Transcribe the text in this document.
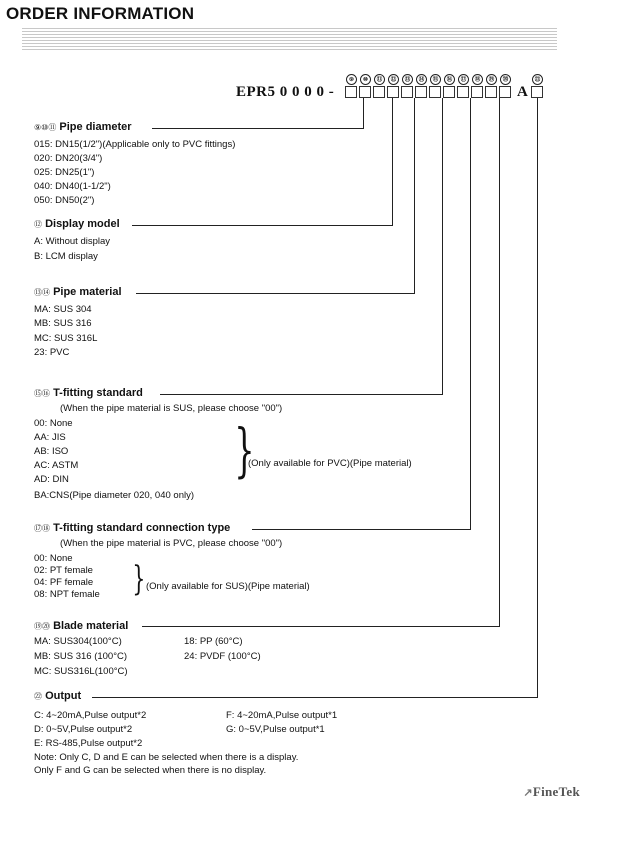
ORDER INFORMATION
EPR5 0 0 0 0 -	A
⑨	⑩	⑪	⑫	⑬	⑭	⑮	⑯	⑰	⑱	⑲	⑳	㉒
⑨⑩⑪ Pipe diameter
015: DN15(1/2")(Applicable only to PVC fittings)
020: DN20(3/4")
025: DN25(1")
040: DN40(1-1/2")
050: DN50(2")
⑫ Display model
A: Without display
B: LCM display
⑬⑭ Pipe material
MA: SUS 304
MB: SUS 316
MC: SUS 316L
23: PVC
⑮⑯ T-fitting standard
(When the pipe material is SUS, please choose "00")
00: None
AA: JIS
AB: ISO
AC: ASTM
AD: DIN
BA:CNS(Pipe diameter 020, 040 only)
}
(Only available for PVC)(Pipe material)
⑰⑱ T-fitting standard connection type
(When the pipe material is PVC, please choose "00")
00: None
02: PT female
04: PF female
08: NPT female } (Only available for SUS)(Pipe material)
⑲⑳ Blade material
MA: SUS304(100°C)
MB: SUS 316 (100°C)
MC: SUS316L(100°C)
18: PP (60°C)
24: PVDF (100°C)
㉒ Output
C: 4~20mA,Pulse output*2
D: 0~5V,Pulse output*2
E: RS-485,Pulse output*2
F: 4~20mA,Pulse output*1
G: 0~5V,Pulse output*1
Note: Only C, D and E can be selected when there is a display.
Only F and G can be selected when there is no display.
↗FineTek
